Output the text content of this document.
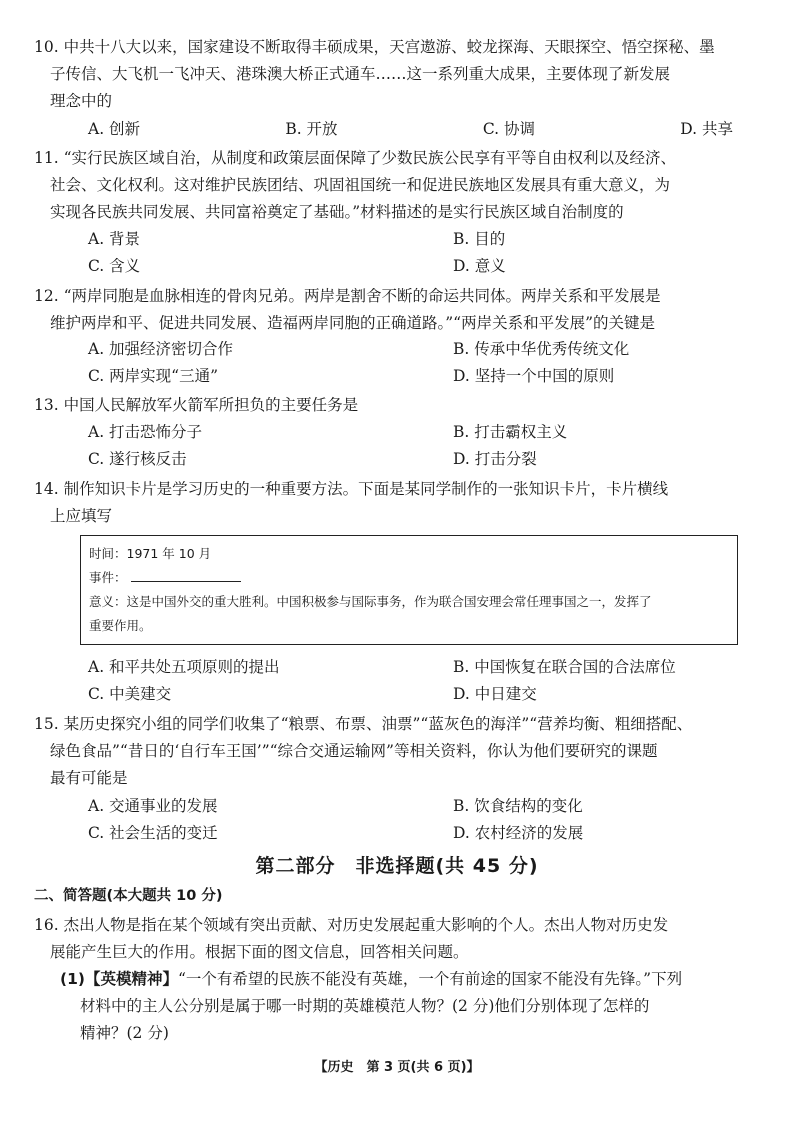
10. 中共十八大以来，国家建设不断取得丰硕成果，天宫遨游、蛟龙探海、天眼探空、悟空探秘、墨

子传信、大飞机一飞冲天、港珠澳大桥正式通车……这一系列重大成果，主要体现了新发展

理念中的

A. 创新	B. 开放	C. 协调	D. 共享

11. “实行民族区域自治，从制度和政策层面保障了少数民族公民享有平等自由权利以及经济、

社会、文化权利。这对维护民族团结、巩固祖国统一和促进民族地区发展具有重大意义，为

实现各民族共同发展、共同富裕奠定了基础。”材料描述的是实行民族区域自治制度的

A. 背景	B. 目的
C. 含义	D. 意义

12. “两岸同胞是血脉相连的骨肉兄弟。两岸是割舍不断的命运共同体。两岸关系和平发展是

维护两岸和平、促进共同发展、造福两岸同胞的正确道路。”“两岸关系和平发展”的关键是

A. 加强经济密切合作	B. 传承中华优秀传统文化
C. 两岸实现“三通”	D. 坚持一个中国的原则

13. 中国人民解放军火箭军所担负的主要任务是

A. 打击恐怖分子	B. 打击霸权主义
C. 遂行核反击	D. 打击分裂

14. 制作知识卡片是学习历史的一种重要方法。下面是某同学制作的一张知识卡片，卡片横线

上应填写

时间：1971 年 10 月
事件：
意义：这是中国外交的重大胜利。中国积极参与国际事务，作为联合国安理会常任理事国之一，发挥了
重要作用。
A. 和平共处五项原则的提出	B. 中国恢复在联合国的合法席位
C. 中美建交	D. 中日建交

15. 某历史探究小组的同学们收集了“粮票、布票、油票”“蓝灰色的海洋”“营养均衡、粗细搭配、

绿色食品”“昔日的‘自行车王国’”“综合交通运输网”等相关资料，你认为他们要研究的课题

最有可能是

A. 交通事业的发展	B. 饮食结构的变化
C. 社会生活的变迁	D. 农村经济的发展
第二部分　非选择题(共 45 分)
二、简答题(本大题共 10 分)

16. 杰出人物是指在某个领域有突出贡献、对历史发展起重大影响的个人。杰出人物对历史发

展能产生巨大的作用。根据下面的图文信息，回答相关问题。

(1)【英模精神】“一个有希望的民族不能没有英雄，一个有前途的国家不能没有先锋。”下列

材料中的主人公分别是属于哪一时期的英雄模范人物？(2 分)他们分别体现了怎样的

精神？(2 分)

【历史　第 3 页(共 6 页)】
